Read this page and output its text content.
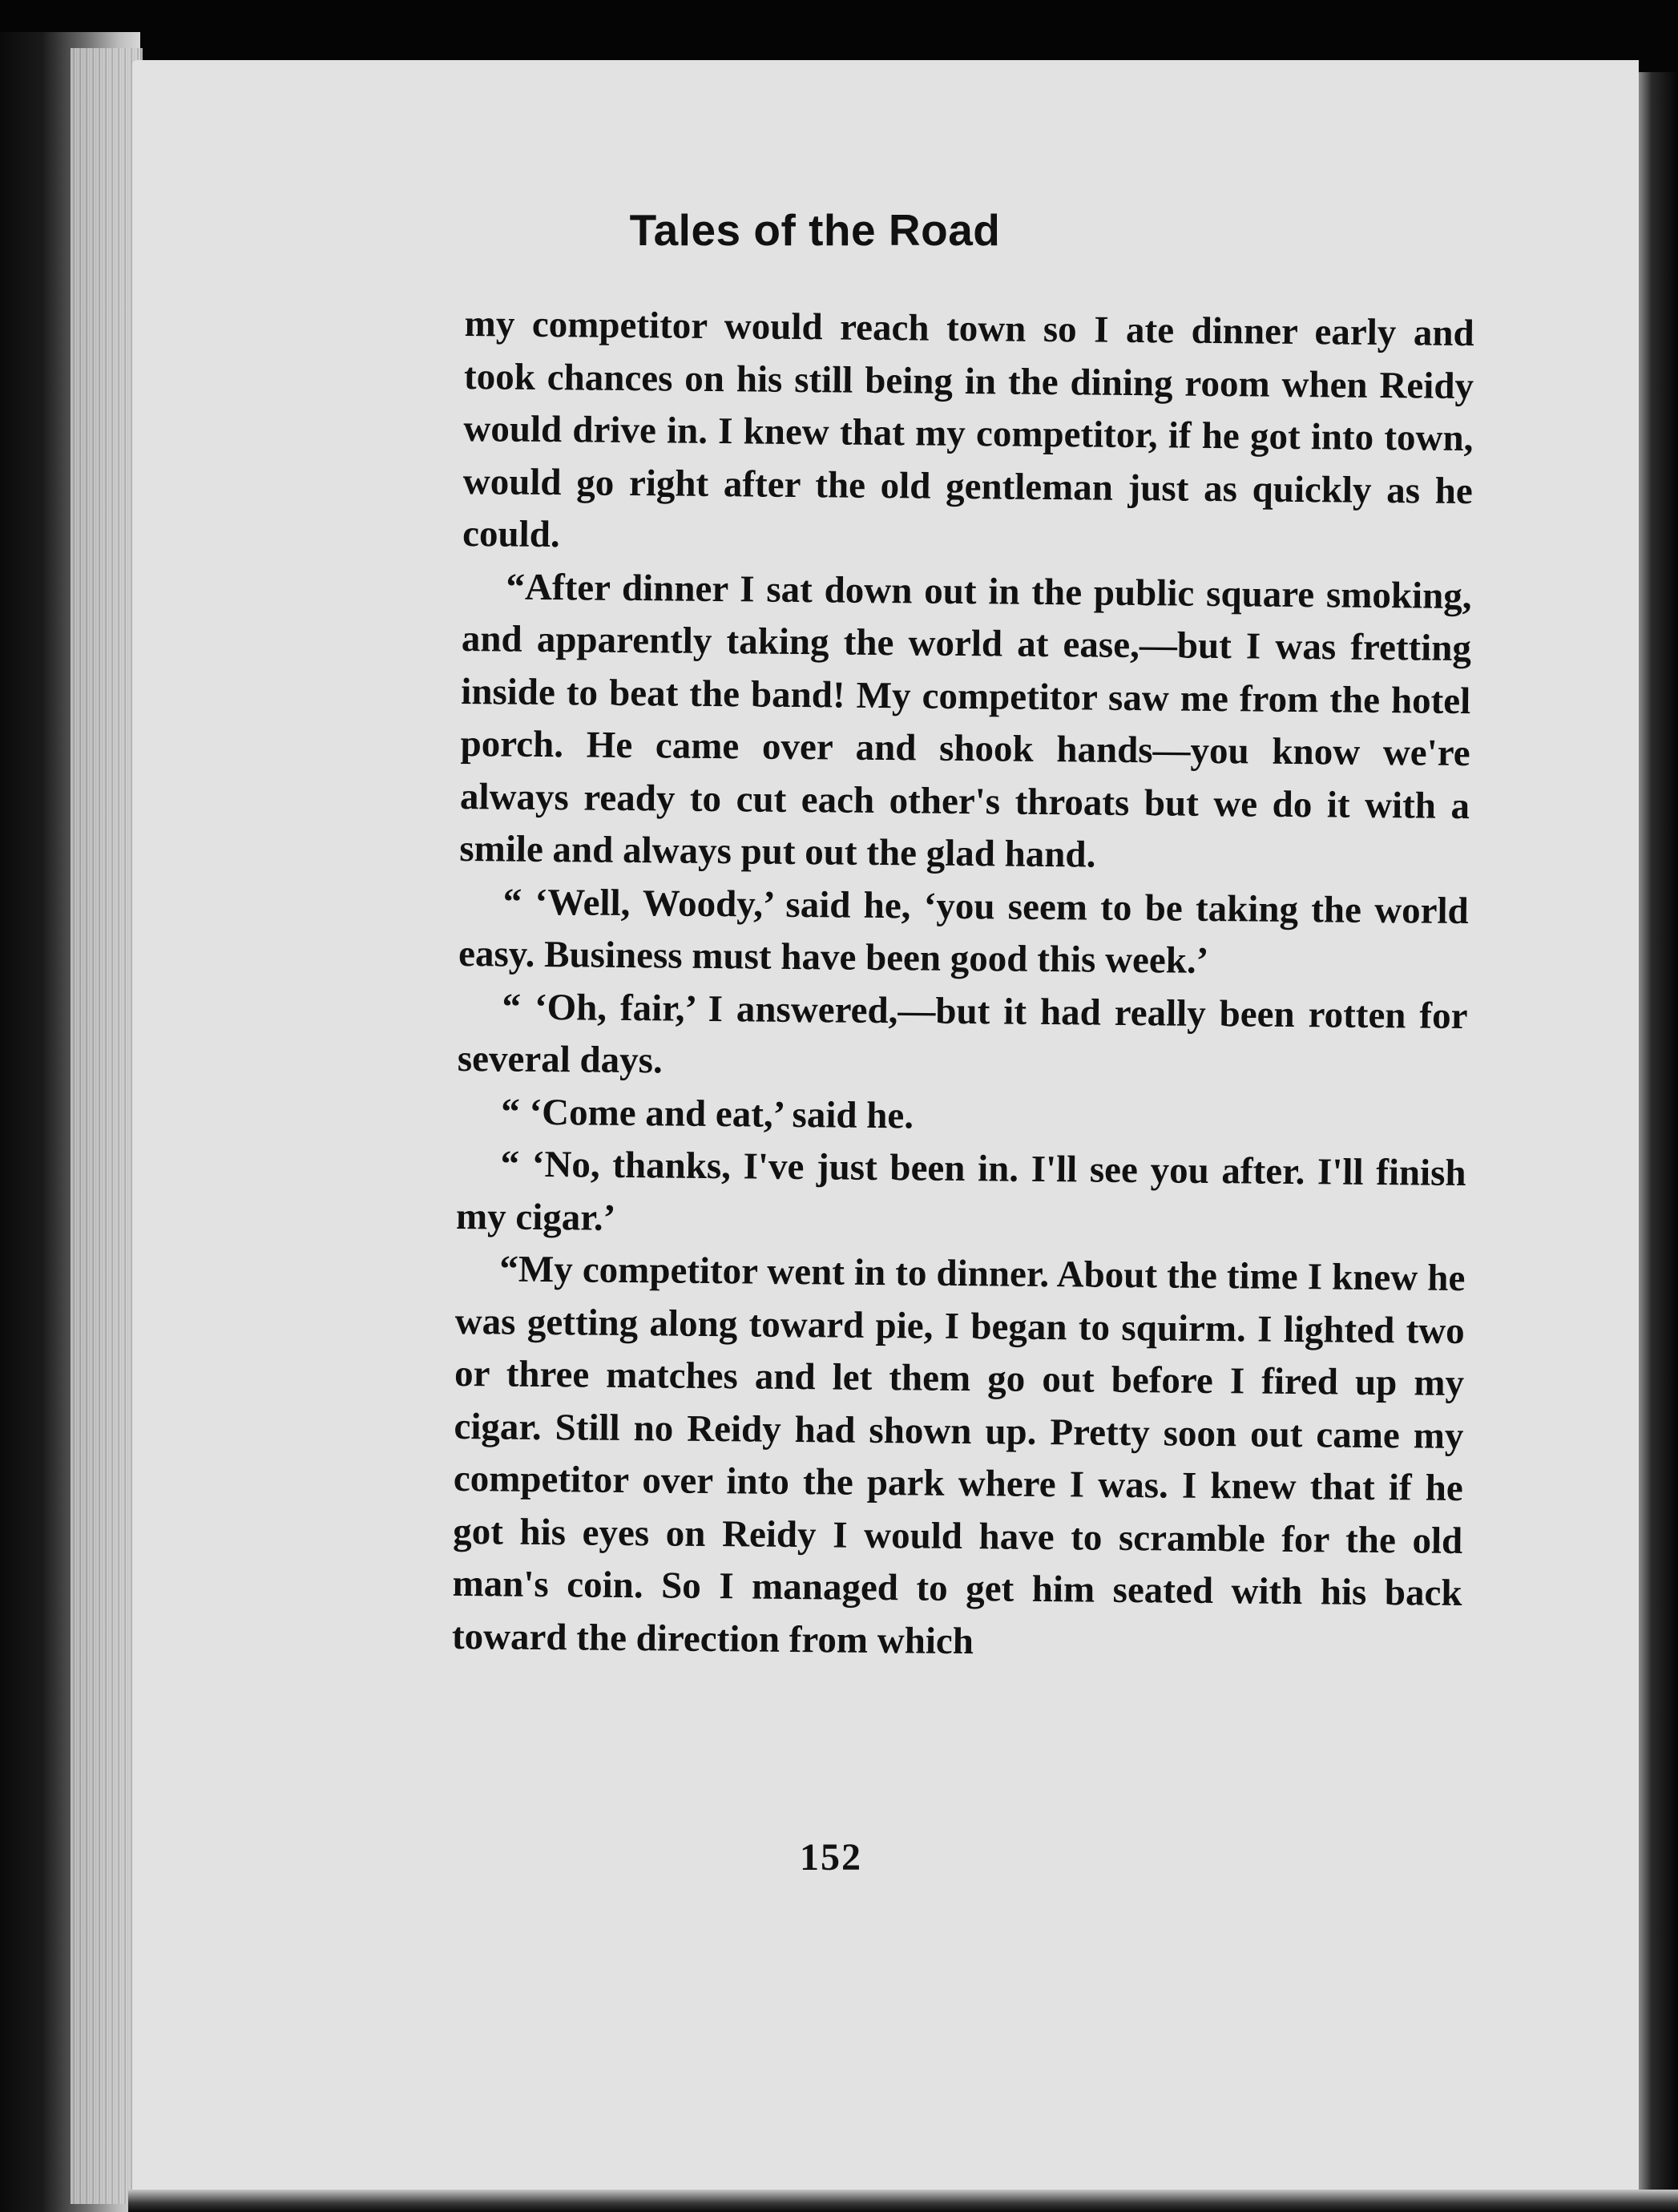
Tales of the Road

my competitor would reach town so I ate dinner early and took chances on his still being in the dining room when Reidy would drive in. I knew that my competitor, if he got into town, would go right after the old gentleman just as quickly as he could.

“After dinner I sat down out in the public square smoking, and apparently taking the world at ease,—but I was fretting inside to beat the band! My competitor saw me from the hotel porch. He came over and shook hands—you know we're always ready to cut each other's throats but we do it with a smile and always put out the glad hand.

“ ‘Well, Woody,’ said he, ‘you seem to be taking the world easy. Business must have been good this week.’

“ ‘Oh, fair,’ I answered,—but it had really been rotten for several days.

“ ‘Come and eat,’ said he.

“ ‘No, thanks, I've just been in. I'll see you after. I'll finish my cigar.’

“My competitor went in to dinner. About the time I knew he was getting along toward pie, I began to squirm. I lighted two or three matches and let them go out before I fired up my cigar. Still no Reidy had shown up. Pretty soon out came my competitor over into the park where I was. I knew that if he got his eyes on Reidy I would have to scramble for the old man's coin. So I managed to get him seated with his back toward the direction from which

152
